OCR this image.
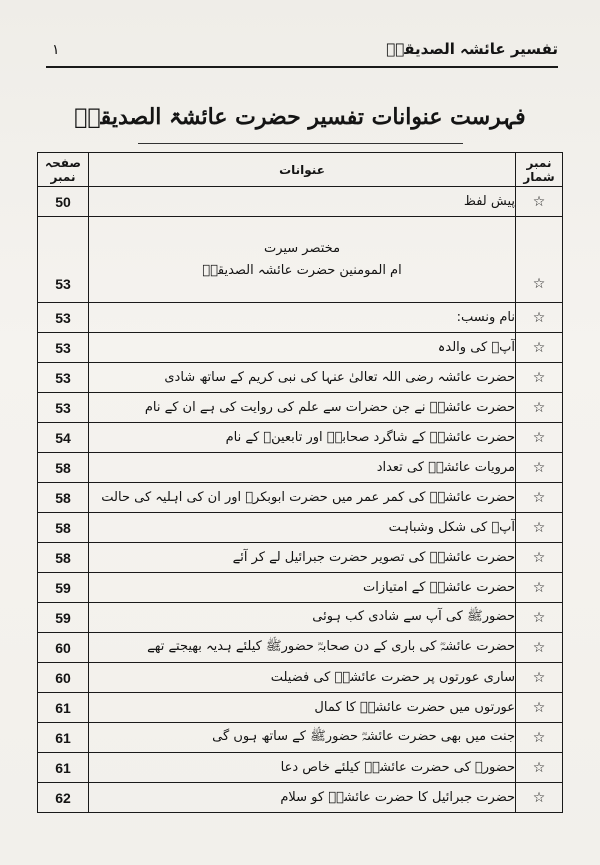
تفسیر عائشہ الصدیقہؓ
۱
فہرست عنوانات تفسیر حضرت عائشۃ الصدیقہؓ
صفحہ نمبر	عنوانات	نمبر شمار
50	پیش لفظ	☆
53	مختصر سیرت
ام المومنین حضرت عائشہ الصدیقہؓ	☆
53	نام ونسب:	☆
53	آپؓ کی والدہ	☆
53	حضرت عائشہ رضی اللہ تعالیٰ عنہا کی نبی کریم کے ساتھ شادی	☆
53	حضرت عائشہؓ نے جن حضرات سے علم کی روایت کی ہے ان کے نام	☆
54	حضرت عائشہؓ کے شاگرد صحابہؓ اور تابعینؒ کے نام	☆
58	مرویات عائشہؓ کی تعداد	☆
58	حضرت عائشہؓ کی کمر عمر میں حضرت ابوبکرؓ اور ان کی اہلیہ کی حالت	☆
58	آپؓ کی شکل وشباہت	☆
58	حضرت عائشہؓ کی تصویر حضرت جبرائیل لے کر آئے	☆
59	حضرت عائشہؓ کے امتیازات	☆
59	حضورﷺ کی آپ سے شادی کب ہوئی	☆
60	حضرت عائشہؓ کی باری کے دن صحابہؓ حضورﷺ کیلئے ہدیہ بھیجتے تھے	☆
60	ساری عورتوں پر حضرت عائشہؓ کی فضیلت	☆
61	عورتوں میں حضرت عائشہؓ کا کمال	☆
61	جنت میں بھی حضرت عائشہؓ حضورﷺ کے ساتھ ہوں گی	☆
61	حضورﷺ کی حضرت عائشہؓ کیلئے خاص دعا	☆
62	حضرت جبرائیل کا حضرت عائشہؓ کو سلام	☆
